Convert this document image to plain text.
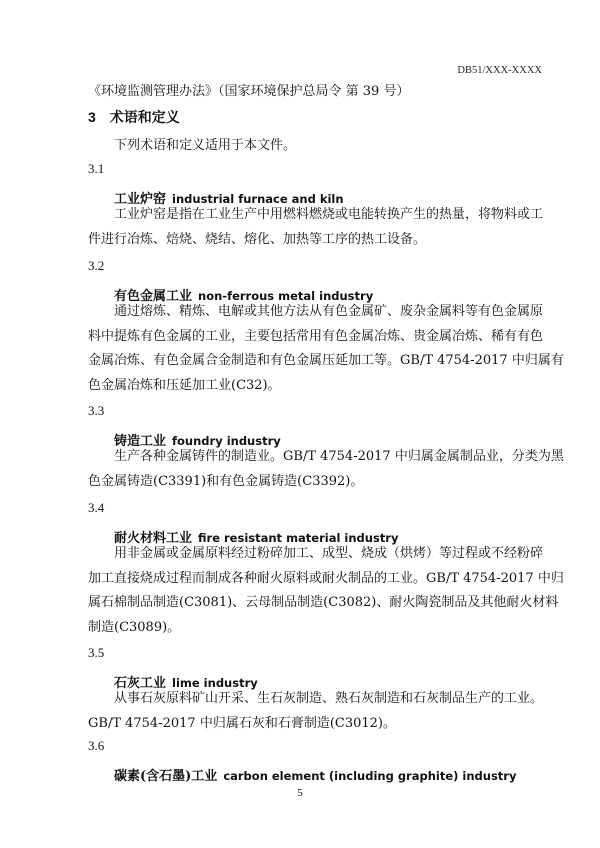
DB51/XXX-XXXX
《环境监测管理办法》（国家环境保护总局令 第 39 号）
3 术语和定义
下列术语和定义适用于本文件。
3.1
工业炉窑 industrial furnace and kiln
工业炉窑是指在工业生产中用燃料燃烧或电能转换产生的热量，将物料或工
件进行冶炼、焙烧、烧结、熔化、加热等工序的热工设备。
3.2
有色金属工业 non-ferrous metal industry
通过熔炼、精炼、电解或其他方法从有色金属矿、废杂金属料等有色金属原
料中提炼有色金属的工业，主要包括常用有色金属冶炼、贵金属冶炼、稀有有色
金属冶炼、有色金属合金制造和有色金属压延加工等。GB/T 4754-2017 中归属有
色金属冶炼和压延加工业(C32)。
3.3
铸造工业 foundry industry
生产各种金属铸件的制造业。GB/T 4754-2017 中归属金属制品业，分类为黑
色金属铸造(C3391)和有色金属铸造(C3392)。
3.4
耐火材料工业 fire resistant material industry
用非金属或金属原料经过粉碎加工、成型、烧成（烘烤）等过程或不经粉碎
加工直接烧成过程而制成各种耐火原料或耐火制品的工业。GB/T 4754-2017 中归
属石棉制品制造(C3081)、云母制品制造(C3082)、耐火陶瓷制品及其他耐火材料
制造(C3089)。
3.5
石灰工业 lime industry
从事石灰原料矿山开采、生石灰制造、熟石灰制造和石灰制品生产的工业。
GB/T 4754-2017 中归属石灰和石膏制造(C3012)。
3.6
碳素(含石墨)工业 carbon element (including graphite) industry
5
